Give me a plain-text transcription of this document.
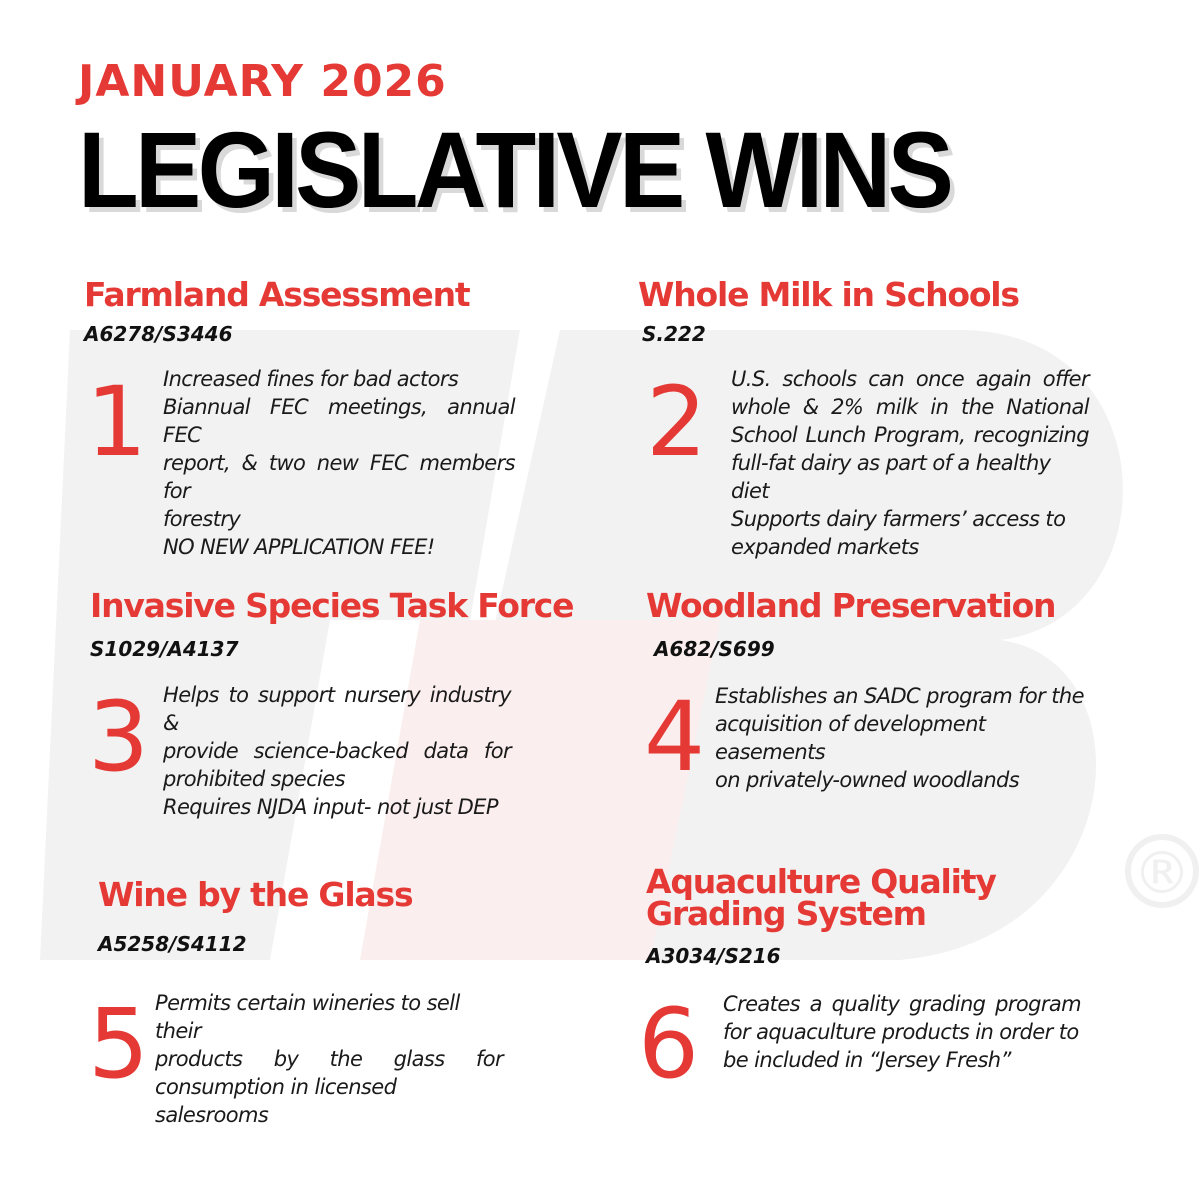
®
JANUARY 2026
LEGISLATIVE WINS
Farmland Assessment

A6278/S3446

1 Increased fines for bad actors
Biannual FEC meetings, annual FEC
report, & two new FEC members for
forestry
NO NEW APPLICATION FEE!
Whole Milk in Schools

S.222

2 U.S. schools can once again offer
whole & 2% milk in the National
School Lunch Program, recognizing
full-fat dairy as part of a healthy diet
Supports dairy farmers’ access to
expanded markets
Invasive Species Task Force

S1029/A4137

3 Helps to support nursery industry &
provide science-backed data for
prohibited species
Requires NJDA input- not just DEP
Woodland Preservation

A682/S699

4 Establishes an SADC program for the
acquisition of development easements
on privately-owned woodlands
Wine by the Glass

A5258/S4112

5 Permits certain wineries to sell their
products by the glass for
consumption in licensed salesrooms
Aquaculture Quality Grading System

A3034/S216

6 Creates a quality grading program
for aquaculture products in order to
be included in “Jersey Fresh”
